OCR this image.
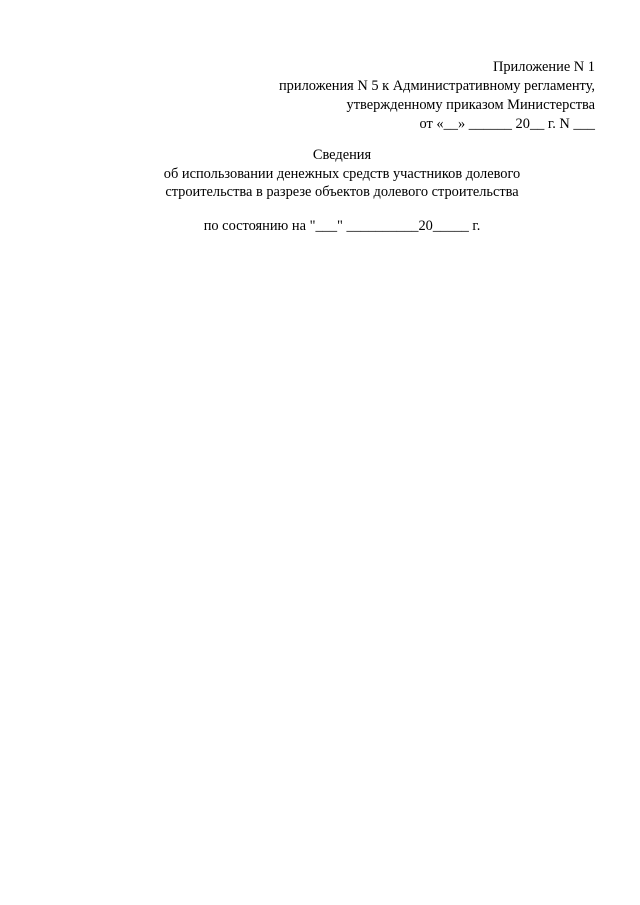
Приложение N 1
приложения N 5 к Административному регламенту,
утвержденному приказом Министерства
от «__» ______ 20__ г. N ___
Сведения
об использовании денежных средств участников долевого
строительства в разрезе объектов долевого строительства
по состоянию на "___" __________20_____ г.
